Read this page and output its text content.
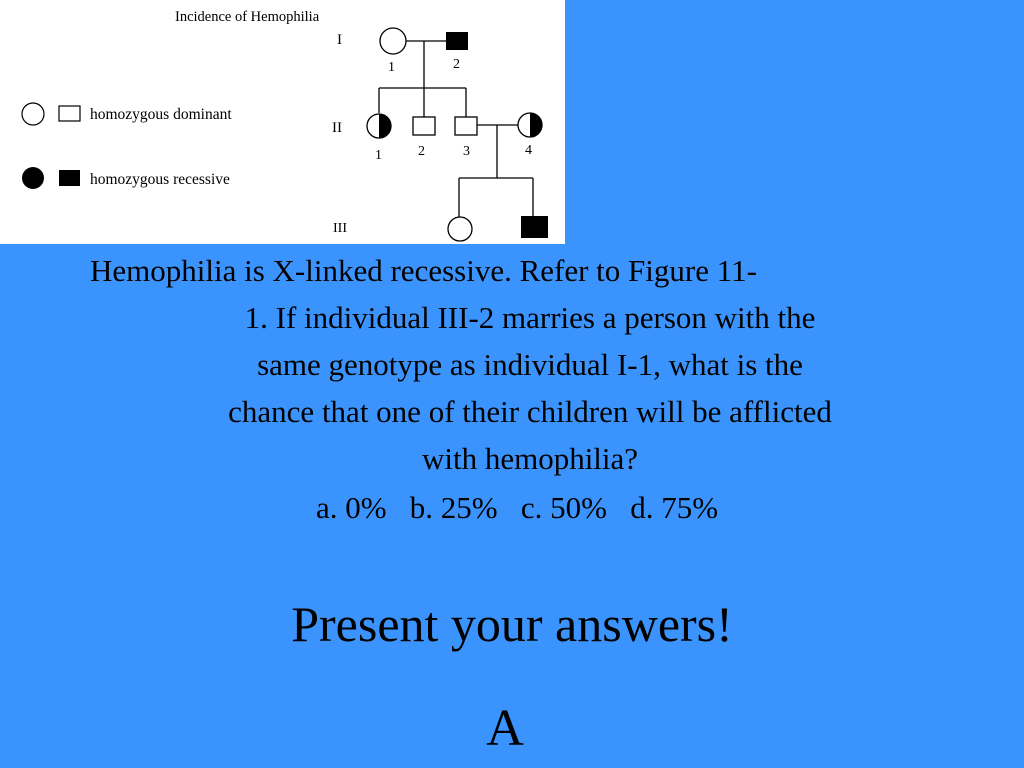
Incidence of Hemophilia
homozygous dominant
homozygous recessive
I
II
III
1	2
1	2	3	4

Hemophilia is X-linked recessive. Refer to Figure 11-
1. If individual III-2 marries a person with the
same genotype as individual I-1, what is the
chance that one of their children will be afflicted
with hemophilia?

a. 0%   b. 25%   c. 50%   d. 75%
Present your answers!
A
